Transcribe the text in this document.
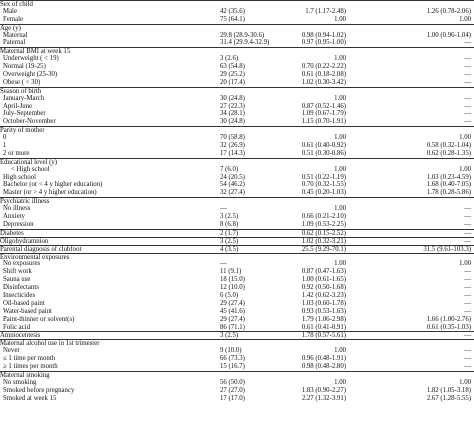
Sex of child
Male	42 (35.6)	1.7 (1.17-2.48)	1.26 (0.78-2.06)
Female	75 (64.1)	1.00	1.00
Age (y)
Maternal	29.8 (28.9-30.6)	0.98 (0.94-1.02)	1.00 (0.96-1.04)
Paternal	31.4 (29.9.4-32.9)	0.97 (0.95-1.00)	—
Maternal BMI at week 15
Underweight ( < 19)	3 (2.6)	1.00	—
Normal (19-25)	63 (54.8)	0.70 (0.22-2.22)	—
Overweight (25-30)	29 (25.2)	0.61 (0.18-2.08)	—
Obese ( < 30)	20 (17.4)	1.02 (0.30-3.42)	—
Season of birth
January-March	30 (24.8)	1.00	—
April-June	27 (22.3)	0.87 (0.52-1.46)	—
July-September	34 (28.1)	1.09 (0.67-1.79)	—
October-November	30 (24.8)	1.15 (0.70-1.91)	—
Parity of mother
0	70 (58.8)	1.00	1.00
1	32 (26.9)	0.61 (0.40-0.92)	0.58 (0.32-1.04)
2 or more	17 (14.3)	0.51 (0.30-0.86)	0.62 (0.28-1.35)
Educational level (y)
< High school	7 (6.0)	1.00	1.00
High school	24 (20.5)	0.51 (0.22-1.19)	1.03 (0.23-4.59)
Bachelor (or < 4 y higher education)	54 (46.2)	0.70 (0.32-1.55)	1.68 (0.40-7.05)
Master (or > 4 y higher education)	32 (27.4)	0.45 (0.20-1.03)	1.78 (0.28-5.86)
Psychiatric illness
No illness	—	1.00	—
Anxiety	3 (2.5)	0.66 (0.21-2.10)	—
Depression	8 (6.8)	1.09 (0.53-2.25)	—
Diabetes	2 (1.7)	0.62 (0.15-2.52)	—
Oligohydramnion	3 (2.5)	1.02 (0.32-3.21)	—
Parental diagnosis of clubfoot	4 (3.5)	25.5 (9.29-70.1)	31.5 (9.61-103.3)
Environmental exposures
No exposures	—	1.00	1.00
Shift work	11 (9.1)	0.87 (0.47-1.63)	—
Sauna use	18 (15.0)	1.00 (0.61-1.65)	—
Disinfectants	12 (10.0)	0.92 (0.50-1.68)	—
Insecticides	6 (5.0)	1.42 (0.62-3.23)	—
Oil-based paint	29 (27.4)	1.03 (0.60-1.78)	—
Water-based paint	45 (41.6)	0.93 (0.53-1.63)	—
Paint-thinner or solvent(s)	29 (27.4)	1.79 (1.06-2.98)	1.66 (1.00-2.76)
Folic acid	86 (71.1)	0.61 (0.41-0.91)	0.61 (0.35-1.03)
Amniocentesis	3 (2.5)	1.78 (0.57-5.61)	—
Maternal alcohol use in 1st trimester
Never	9 (10.0)	1.00	—
≤ 1 time per month	66 (73.3)	0.96 (0.48-1.91)	—
≥ 1 times per month	15 (16.7)	0.98 (0.48-2.80)	—
Maternal smoking
No smoking	56 (50.0)	1.00	1.00
Smoked before pregnancy	27 (27.0)	1.83 (0.90-2.27)	1.82 (1.05-3.18)
Smoked at week 15	17 (17.0)	2.27 (1.32-3.91)	2.67 (1.28-5.55)
